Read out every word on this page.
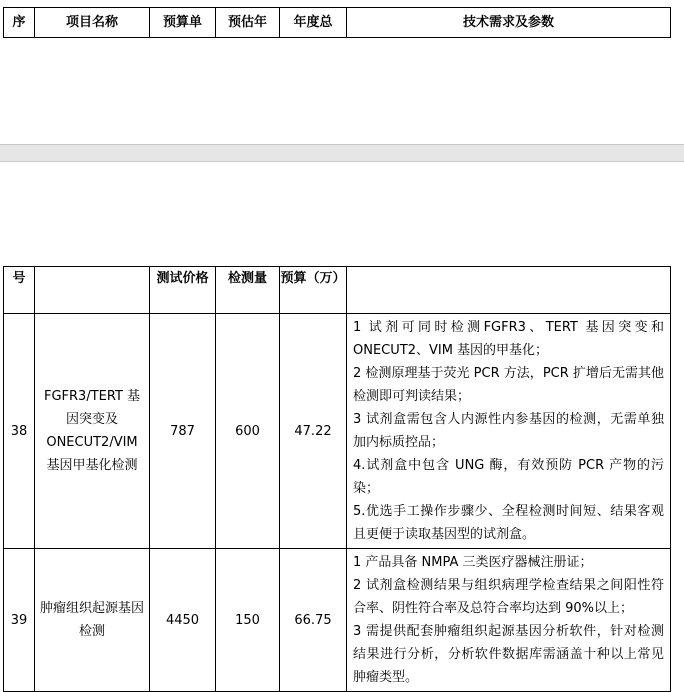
序	项目名称	预算单	预估年	年度总	技术需求及参数
号		测试价格	检测量	预算（万）	
38	FGFR3/TERT 基因突变及 ONECUT2/VIM 基因甲基化检测	787	600	47.22	1 试剂可同时检测FGFR3、TERT 基因突变和ONECUT2、VIM 基因的甲基化；
2 检测原理基于荧光 PCR 方法，PCR 扩增后无需其他检测即可判读结果；
3 试剂盒需包含人内源性内参基因的检测，无需单独加内标质控品；
4.试剂盒中包含 UNG 酶，有效预防 PCR 产物的污染；
5.优选手工操作步骤少、全程检测时间短、结果客观且更便于读取基因型的试剂盒。

39	肿瘤组织起源基因检测	4450	150	66.75	1 产品具备 NMPA 三类医疗器械注册证；
2 试剂盒检测结果与组织病理学检查结果之间阳性符合率、阴性符合率及总符合率均达到 90%以上；
3 需提供配套肿瘤组织起源基因分析软件，针对检测结果进行分析，分析软件数据库需涵盖十种以上常见肿瘤类型。
